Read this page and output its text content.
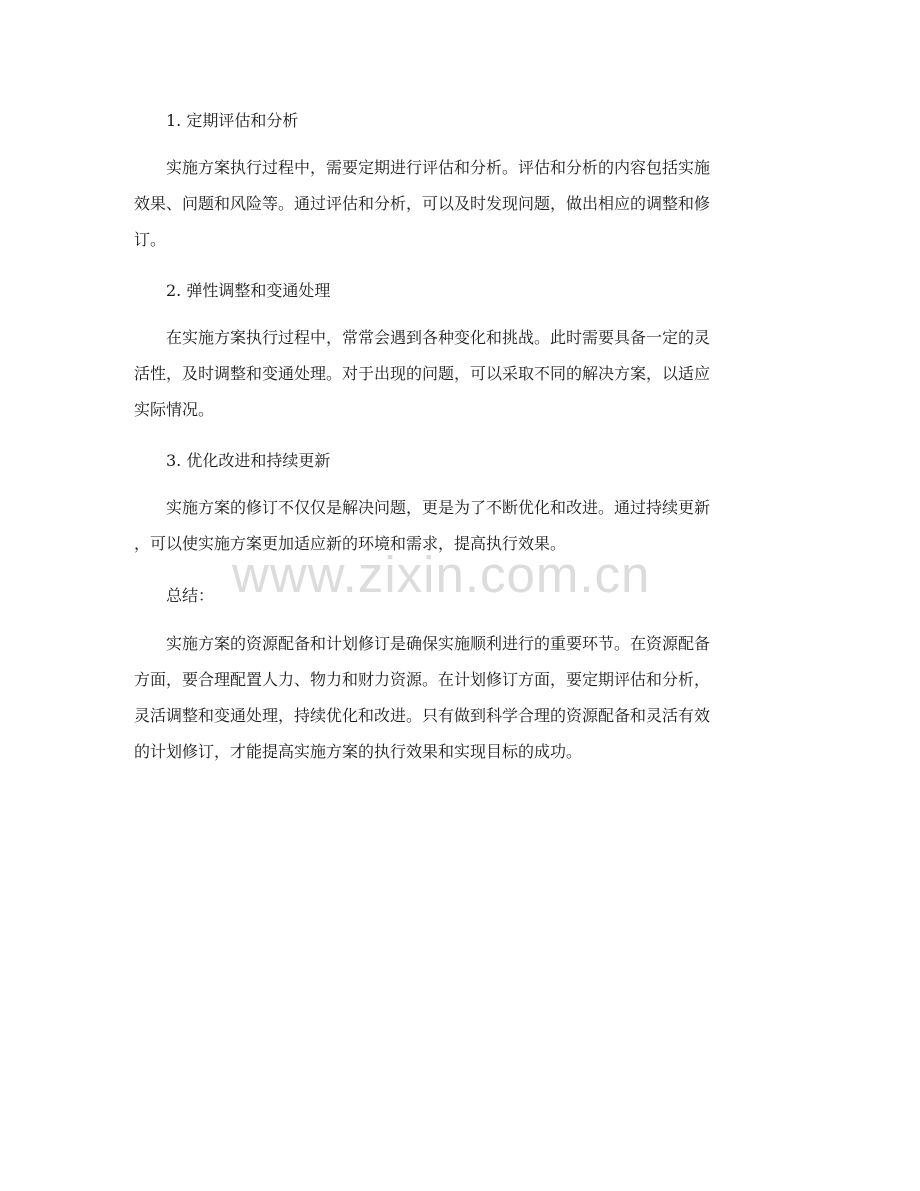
1. 定期评估和分析
实施方案执行过程中，需要定期进行评估和分析。评估和分析的内容包括实施
效果、问题和风险等。通过评估和分析，可以及时发现问题，做出相应的调整和修
订。
2. 弹性调整和变通处理
在实施方案执行过程中，常常会遇到各种变化和挑战。此时需要具备一定的灵
活性，及时调整和变通处理。对于出现的问题，可以采取不同的解决方案，以适应
实际情况。
3. 优化改进和持续更新
实施方案的修订不仅仅是解决问题，更是为了不断优化和改进。通过持续更新
，可以使实施方案更加适应新的环境和需求，提高执行效果。
总结：
实施方案的资源配备和计划修订是确保实施顺利进行的重要环节。在资源配备
方面，要合理配置人力、物力和财力资源。在计划修订方面，要定期评估和分析，
灵活调整和变通处理，持续优化和改进。只有做到科学合理的资源配备和灵活有效
的计划修订，才能提高实施方案的执行效果和实现目标的成功。
www.zixin.com.cn
